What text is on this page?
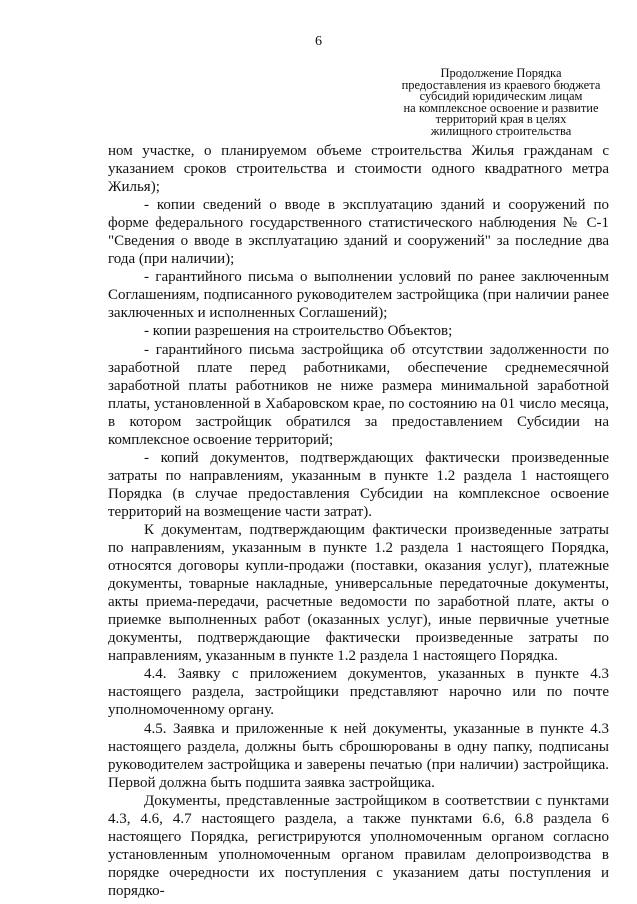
6
Продолжение Порядка
предоставления из краевого бюджета
субсидий юридическим лицам
на комплексное освоение и развитие
территорий края в целях
жилищного строительства

ном участке, о планируемом объеме строительства Жилья гражданам с указанием сроков строительства и стоимости одного квадратного метра Жилья);

- копии сведений о вводе в эксплуатацию зданий и сооружений по форме федерального государственного статистического наблюдения № С-1 "Сведения о вводе в эксплуатацию зданий и сооружений" за последние два года (при наличии);

- гарантийного письма о выполнении условий по ранее заключенным Соглашениям, подписанного руководителем застройщика (при наличии ранее заключенных и исполненных Соглашений);

- копии разрешения на строительство Объектов;

- гарантийного письма застройщика об отсутствии задолженности по заработной плате перед работниками, обеспечение среднемесячной заработной платы работников не ниже размера минимальной заработной платы, установленной в Хабаровском крае, по состоянию на 01 число месяца, в котором застройщик обратился за предоставлением Субсидии на комплексное освоение территорий;

- копий документов, подтверждающих фактически произведенные затраты по направлениям, указанным в пункте 1.2 раздела 1 настоящего Порядка (в случае предоставления Субсидии на комплексное освоение территорий на возмещение части затрат).

К документам, подтверждающим фактически произведенные затраты по направлениям, указанным в пункте 1.2 раздела 1 настоящего Порядка, относятся договоры купли-продажи (поставки, оказания услуг), платежные документы, товарные накладные, универсальные передаточные документы, акты приема-передачи, расчетные ведомости по заработной плате, акты о приемке выполненных работ (оказанных услуг), иные первичные учетные документы, подтверждающие фактически произведенные затраты по направлениям, указанным в пункте 1.2 раздела 1 настоящего Порядка.

4.4. Заявку с приложением документов, указанных в пункте 4.3 настоящего раздела, застройщики представляют нарочно или по почте уполномоченному органу.

4.5. Заявка и приложенные к ней документы, указанные в пункте 4.3 настоящего раздела, должны быть сброшюрованы в одну папку, подписаны руководителем застройщика и заверены печатью (при наличии) застройщика. Первой должна быть подшита заявка застройщика.

Документы, представленные застройщиком в соответствии с пунктами 4.3, 4.6, 4.7 настоящего раздела, а также пунктами 6.6, 6.8 раздела 6 настоящего Порядка, регистрируются уполномоченным органом согласно установленным уполномоченным органом правилам делопроизводства в порядке очередности их поступления с указанием даты поступления и порядко-
